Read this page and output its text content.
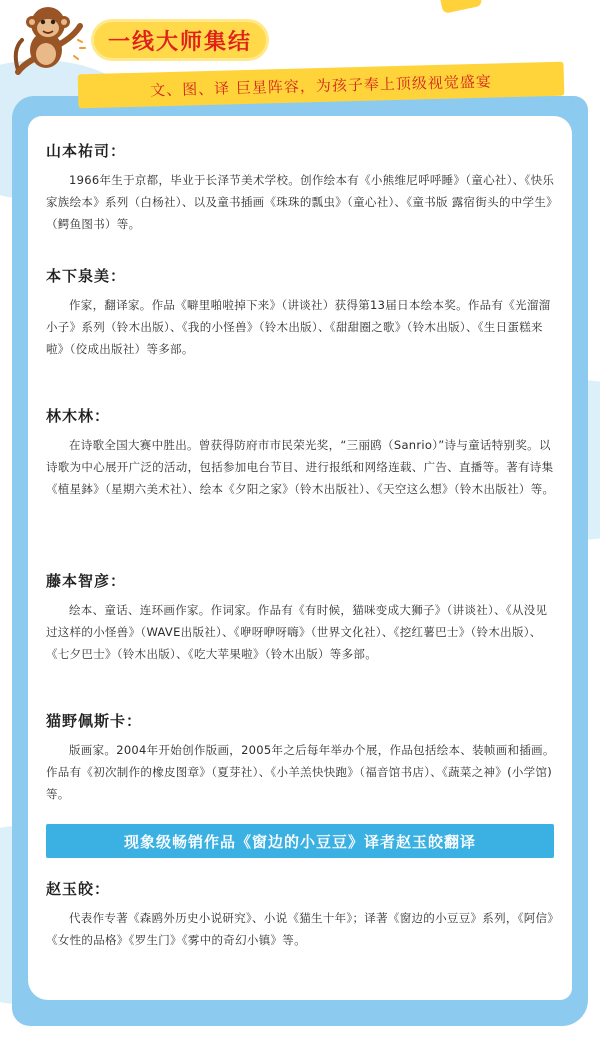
一线大师集结
文、图、译 巨星阵容，为孩子奉上顶级视觉盛宴
山本祐司：

1966年生于京都，毕业于长泽节美术学校。创作绘本有《小熊维尼呼呼睡》（童心社）、《快乐家族绘本》系列（白杨社）、以及童书插画《珠珠的瓢虫》（童心社）、《童书版 露宿街头的中学生》（鳄鱼图书）等。

本下泉美：

作家，翻译家。作品《噼里啪啦掉下来》（讲谈社）获得第13届日本绘本奖。作品有《光溜溜小子》系列（铃木出版）、《我的小怪兽》（铃木出版）、《甜甜圈之歌》（铃木出版）、《生日蛋糕来啦》（佼成出版社）等多部。

林木林：

在诗歌全国大赛中胜出。曾获得防府市市民荣光奖，“三丽鸥（Sanrio）”诗与童话特别奖。以诗歌为中心展开广泛的活动，包括参加电台节目、进行报纸和网络连载、广告、直播等。著有诗集《植星鉢》（星期六美术社）、绘本《夕阳之家》（铃木出版社）、《天空这么想》（铃木出版社）等。

藤本智彦：

绘本、童话、连环画作家。作词家。作品有《有时候，猫咪变成大狮子》（讲谈社）、《从没见过这样的小怪兽》（WAVE出版社）、《咿呀咿呀嗨》（世界文化社）、《挖红薯巴士》（铃木出版）、《七夕巴士》（铃木出版）、《吃大苹果啦》（铃木出版）等多部。

猫野佩斯卡：

版画家。2004年开始创作版画，2005年之后每年举办个展，作品包括绘本、装帧画和插画。作品有《初次制作的橡皮图章》（夏芽社）、《小羊羔快快跑》（福音馆书店）、《蔬菜之神》(小学馆)等。

现象级畅销作品《窗边的小豆豆》译者赵玉皎翻译
赵玉皎：

代表作专著《森鸥外历史小说研究》、小说《猫生十年》；译著《窗边的小豆豆》系列，《阿信》《女性的品格》《罗生门》《雾中的奇幻小镇》等。
